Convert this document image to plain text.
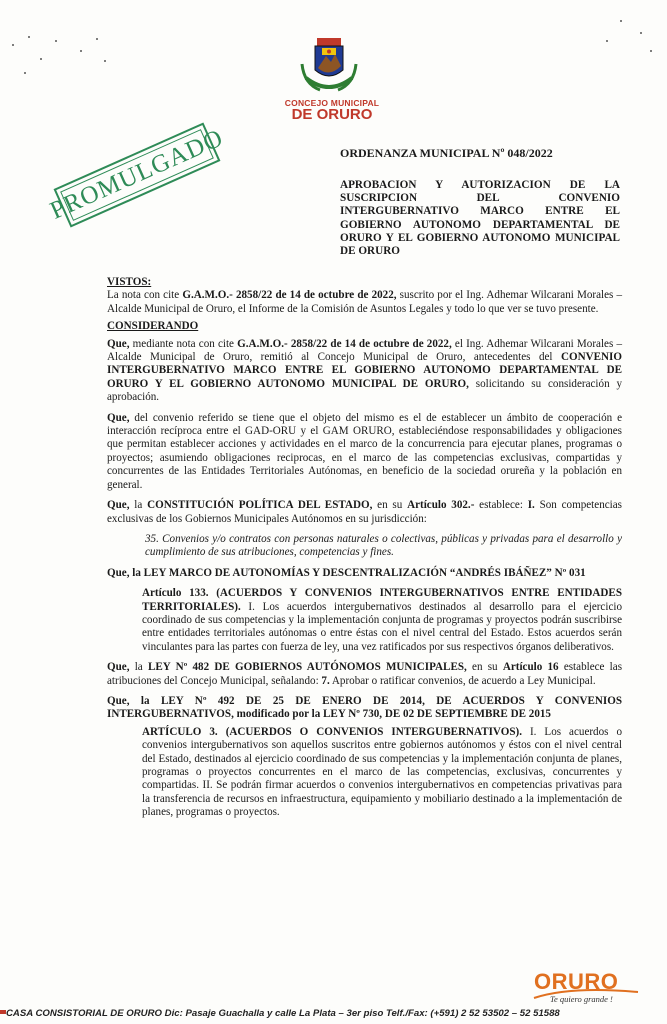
CONCEJO MUNICIPAL
DE ORURO
PROMULGADO	ORDENANZA MUNICIPAL Nº 048/2022
APROBACION Y AUTORIZACION DE LA SUSCRIPCION DEL CONVENIO INTERGUBERNATIVO MARCO ENTRE EL GOBIERNO AUTONOMO DEPARTAMENTAL DE ORURO Y EL GOBIERNO AUTONOMO MUNICIPAL DE ORURO

VISTOS:

La nota con cite G.A.M.O.- 2858/22 de 14 de octubre de 2022, suscrito por el Ing. Adhemar Wilcarani Morales – Alcalde Municipal de Oruro, el Informe de la Comisión de Asuntos Legales y todo lo que ver se tuvo presente.

CONSIDERANDO

Que, mediante nota con cite G.A.M.O.- 2858/22 de 14 de octubre de 2022, el Ing. Adhemar Wilcarani Morales – Alcalde Municipal de Oruro, remitió al Concejo Municipal de Oruro, antecedentes del CONVENIO INTERGUBERNATIVO MARCO ENTRE EL GOBIERNO AUTONOMO DEPARTAMENTAL DE ORURO Y EL GOBIERNO AUTONOMO MUNICIPAL DE ORURO, solicitando su consideración y aprobación.

Que, del convenio referido se tiene que el objeto del mismo es el de establecer un ámbito de cooperación e interacción recíproca entre el GAD-ORU y el GAM ORURO, estableciéndose responsabilidades y obligaciones que permitan establecer acciones y actividades en el marco de la concurrencia para ejecutar planes, programas o proyectos; asumiendo obligaciones reciprocas, en el marco de las competencias exclusivas, compartidas y concurrentes de las Entidades Territoriales Autónomas, en beneficio de la sociedad orureña y la población en general.

Que, la CONSTITUCIÓN POLÍTICA DEL ESTADO, en su Artículo 302.- establece: I. Son competencias exclusivas de los Gobiernos Municipales Autónomos en su jurisdicción:

35. Convenios y/o contratos con personas naturales o colectivas, públicas y privadas para el desarrollo y cumplimiento de sus atribuciones, competencias y fines.

Que, la LEY MARCO DE AUTONOMÍAS Y DESCENTRALIZACIÓN “ANDRÉS IBÁÑEZ” Nº 031

Artículo 133. (ACUERDOS Y CONVENIOS INTERGUBERNATIVOS ENTRE ENTIDADES TERRITORIALES). I. Los acuerdos intergubernativos destinados al desarrollo para el ejercicio coordinado de sus competencias y la implementación conjunta de programas y proyectos podrán suscribirse entre entidades territoriales autónomas o entre éstas con el nivel central del Estado. Estos acuerdos serán vinculantes para las partes con fuerza de ley, una vez ratificados por sus respectivos órganos deliberativos.

Que, la LEY Nº 482 DE GOBIERNOS AUTÓNOMOS MUNICIPALES, en su Artículo 16 establece las atribuciones del Concejo Municipal, señalando: 7. Aprobar o ratificar convenios, de acuerdo a Ley Municipal.

Que, la LEY Nº 492 DE 25 DE ENERO DE 2014, DE ACUERDOS Y CONVENIOS INTERGUBERNATIVOS, modificado por la LEY Nº 730, DE 02 DE SEPTIEMBRE DE 2015

ARTÍCULO 3. (ACUERDOS O CONVENIOS INTERGUBERNATIVOS). I. Los acuerdos o convenios intergubernativos son aquellos suscritos entre gobiernos autónomos y éstos con el nivel central del Estado, destinados al ejercicio coordinado de sus competencias y la implementación conjunta de planes, programas o proyectos concurrentes en el marco de las competencias, exclusivas, concurrentes y compartidas. II. Se podrán firmar acuerdos o convenios intergubernativos en competencias privativas para la transferencia de recursos en infraestructura, equipamiento y mobiliario destinado a la implementación de planes, programas o proyectos.

ORURO
Te quiero grande !
CASA CONSISTORIAL DE ORURO Dic: Pasaje Guachalla y calle La Plata – 3er piso Telf./Fax: (+591) 2 52 53502 – 52 51588
